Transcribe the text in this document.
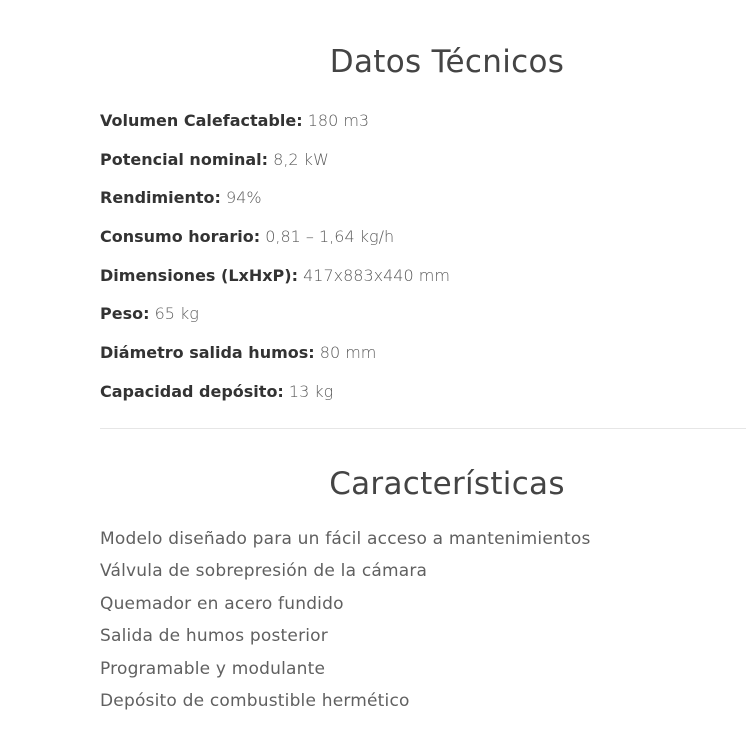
Datos Técnicos
Volumen Calefactable: 180 m3
Potencial nominal: 8,2 kW
Rendimiento: 94%
Consumo horario: 0,81 – 1,64 kg/h
Dimensiones (LxHxP): 417x883x440 mm
Peso: 65 kg
Diámetro salida humos: 80 mm
Capacidad depósito: 13 kg
Características
Modelo diseñado para un fácil acceso a mantenimientos
Válvula de sobrepresión de la cámara
Quemador en acero fundido
Salida de humos posterior
Programable y modulante
Depósito de combustible hermético
